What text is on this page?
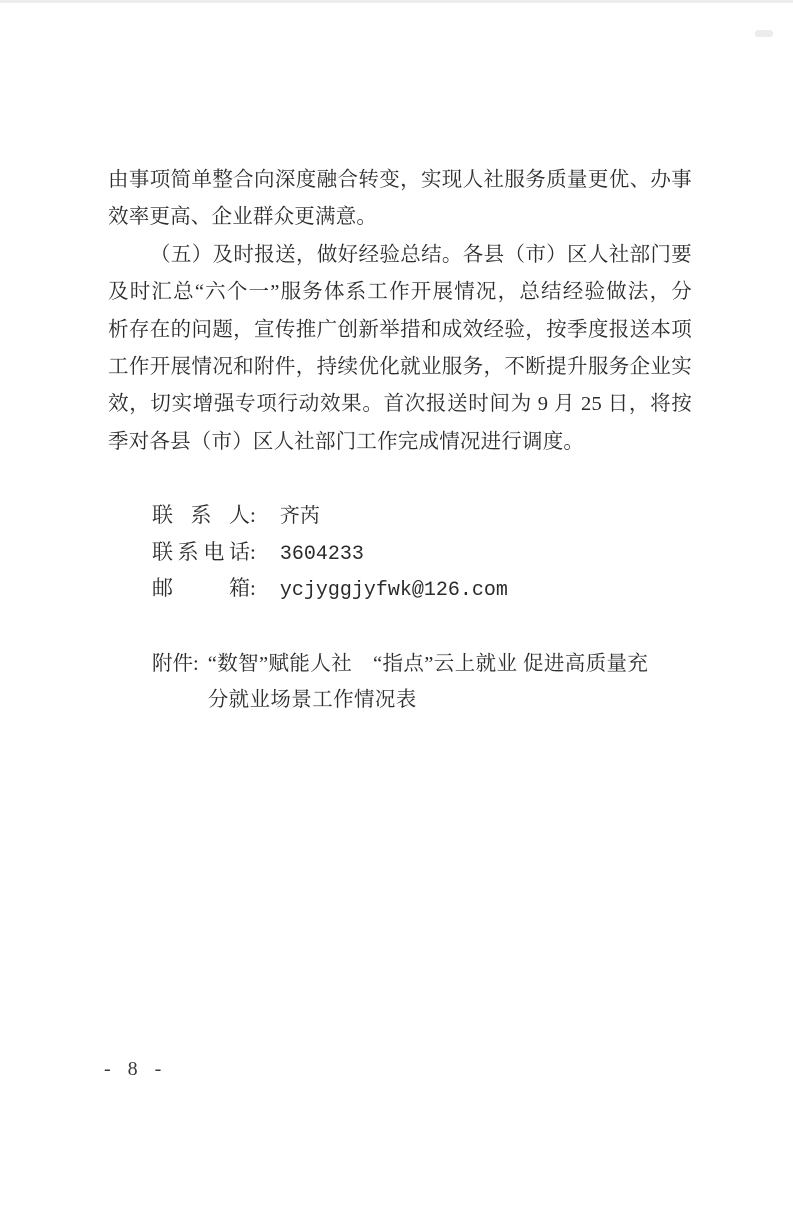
由事项简单整合向深度融合转变，实现人社服务质量更优、办事
效率更高、企业群众更满意。
（五）及时报送，做好经验总结。各县（市）区人社部门要
及时汇总“六个一”服务体系工作开展情况，总结经验做法，分
析存在的问题，宣传推广创新举措和成效经验，按季度报送本项
工作开展情况和附件，持续优化就业服务，不断提升服务企业实
效，切实增强专项行动效果。首次报送时间为 9 月 25 日，将按
季对各县（市）区人社部门工作完成情况进行调度。
联系人: 齐芮
联系电话: 3604233
邮箱: ycjyggjyfwk@126.com
附件: “数智”赋能人社　“指点”云上就业 促进高质量充
分就业场景工作情况表
- 8 -
